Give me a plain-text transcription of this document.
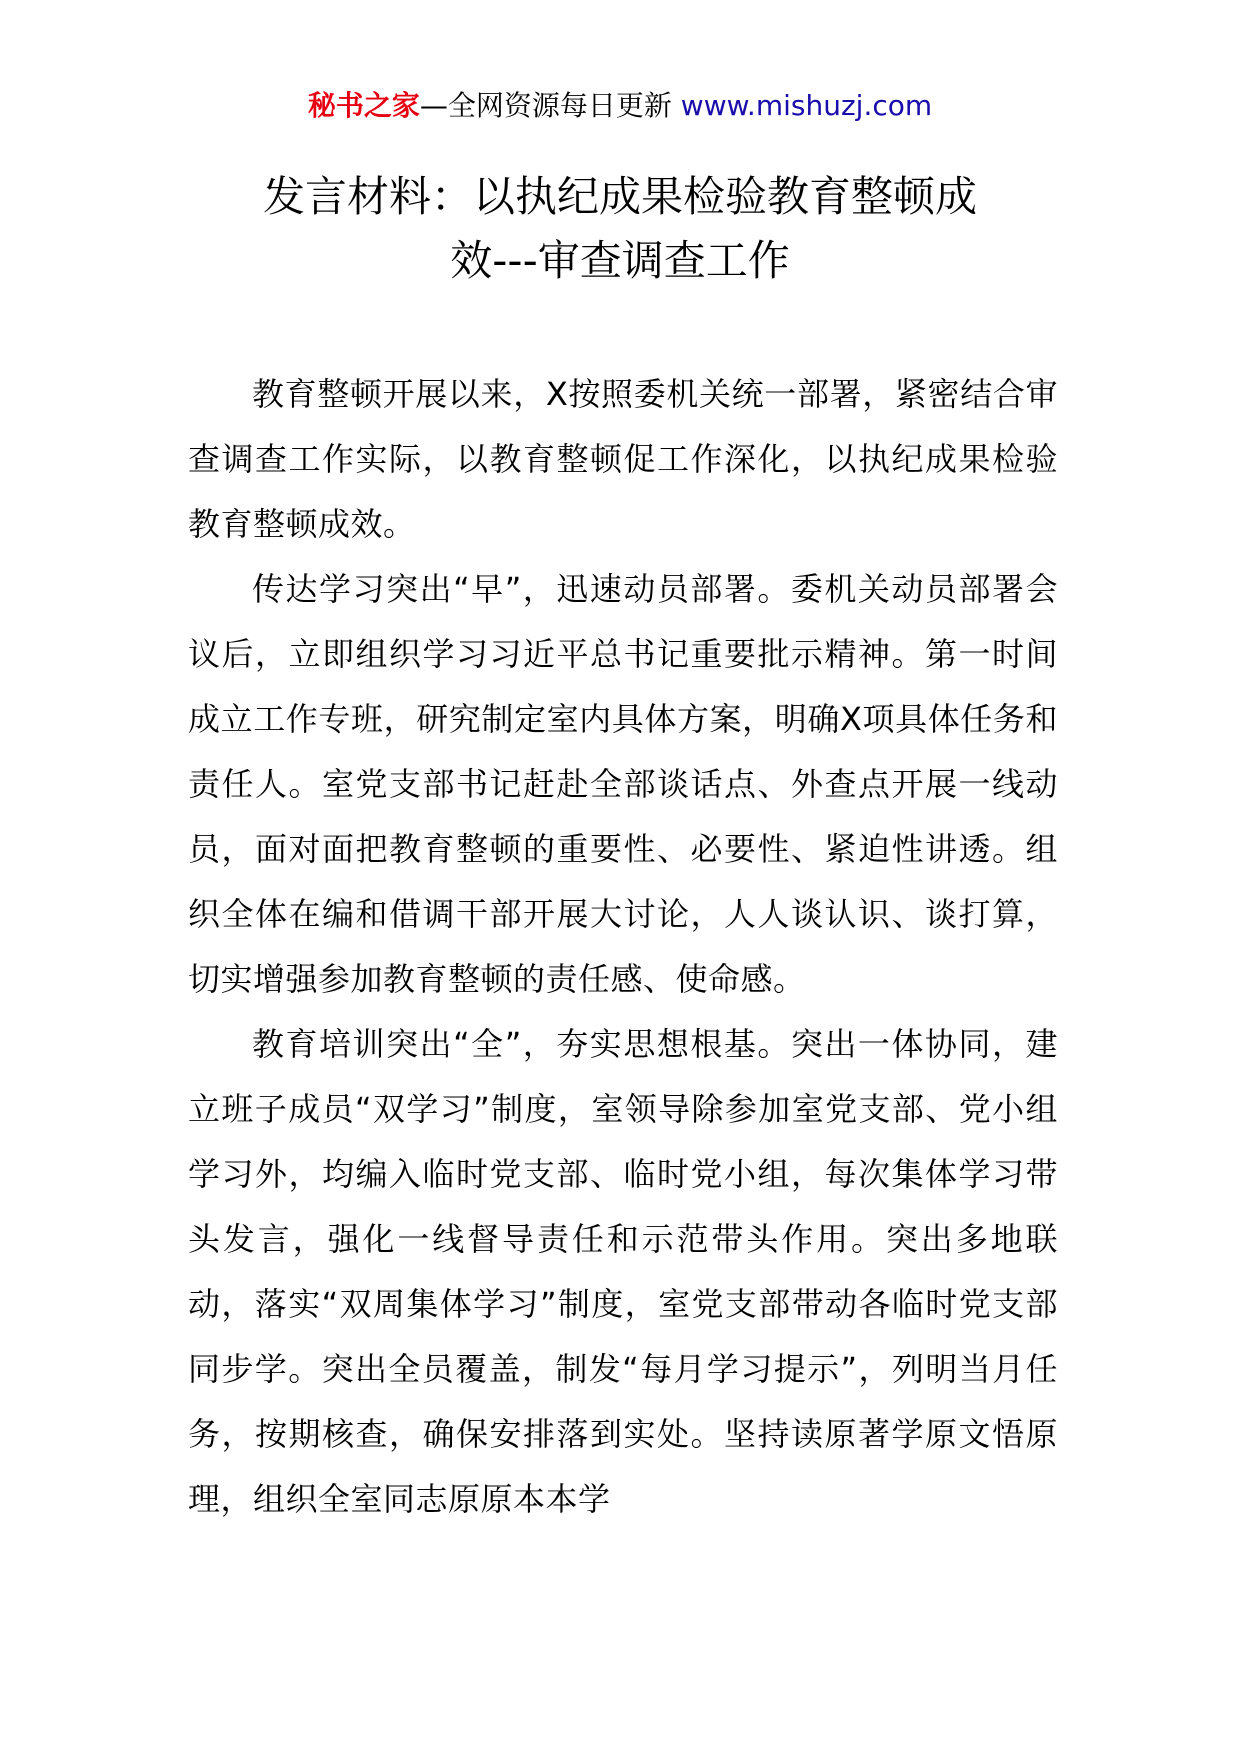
秘书之家—全网资源每日更新 www.mishuzj.com
发言材料：以执纪成果检验教育整顿成
效---审查调查工作

教育整顿开展以来，X按照委机关统一部署，紧密结合审查调查工作实际，以教育整顿促工作深化，以执纪成果检验教育整顿成效。

传达学习突出“早”，迅速动员部署。委机关动员部署会议后，立即组织学习习近平总书记重要批示精神。第一时间成立工作专班，研究制定室内具体方案，明确X项具体任务和责任人。室党支部书记赶赴全部谈话点、外查点开展一线动员，面对面把教育整顿的重要性、必要性、紧迫性讲透。组织全体在编和借调干部开展大讨论，人人谈认识、谈打算，切实增强参加教育整顿的责任感、使命感。

教育培训突出“全”，夯实思想根基。突出一体协同，建立班子成员“双学习”制度，室领导除参加室党支部、党小组学习外，均编入临时党支部、临时党小组，每次集体学习带头发言，强化一线督导责任和示范带头作用。突出多地联动，落实“双周集体学习”制度，室党支部带动各临时党支部同步学。突出全员覆盖，制发“每月学习提示”，列明当月任务，按期核查，确保安排落到实处。坚持读原著学原文悟原理，组织全室同志原原本本学
